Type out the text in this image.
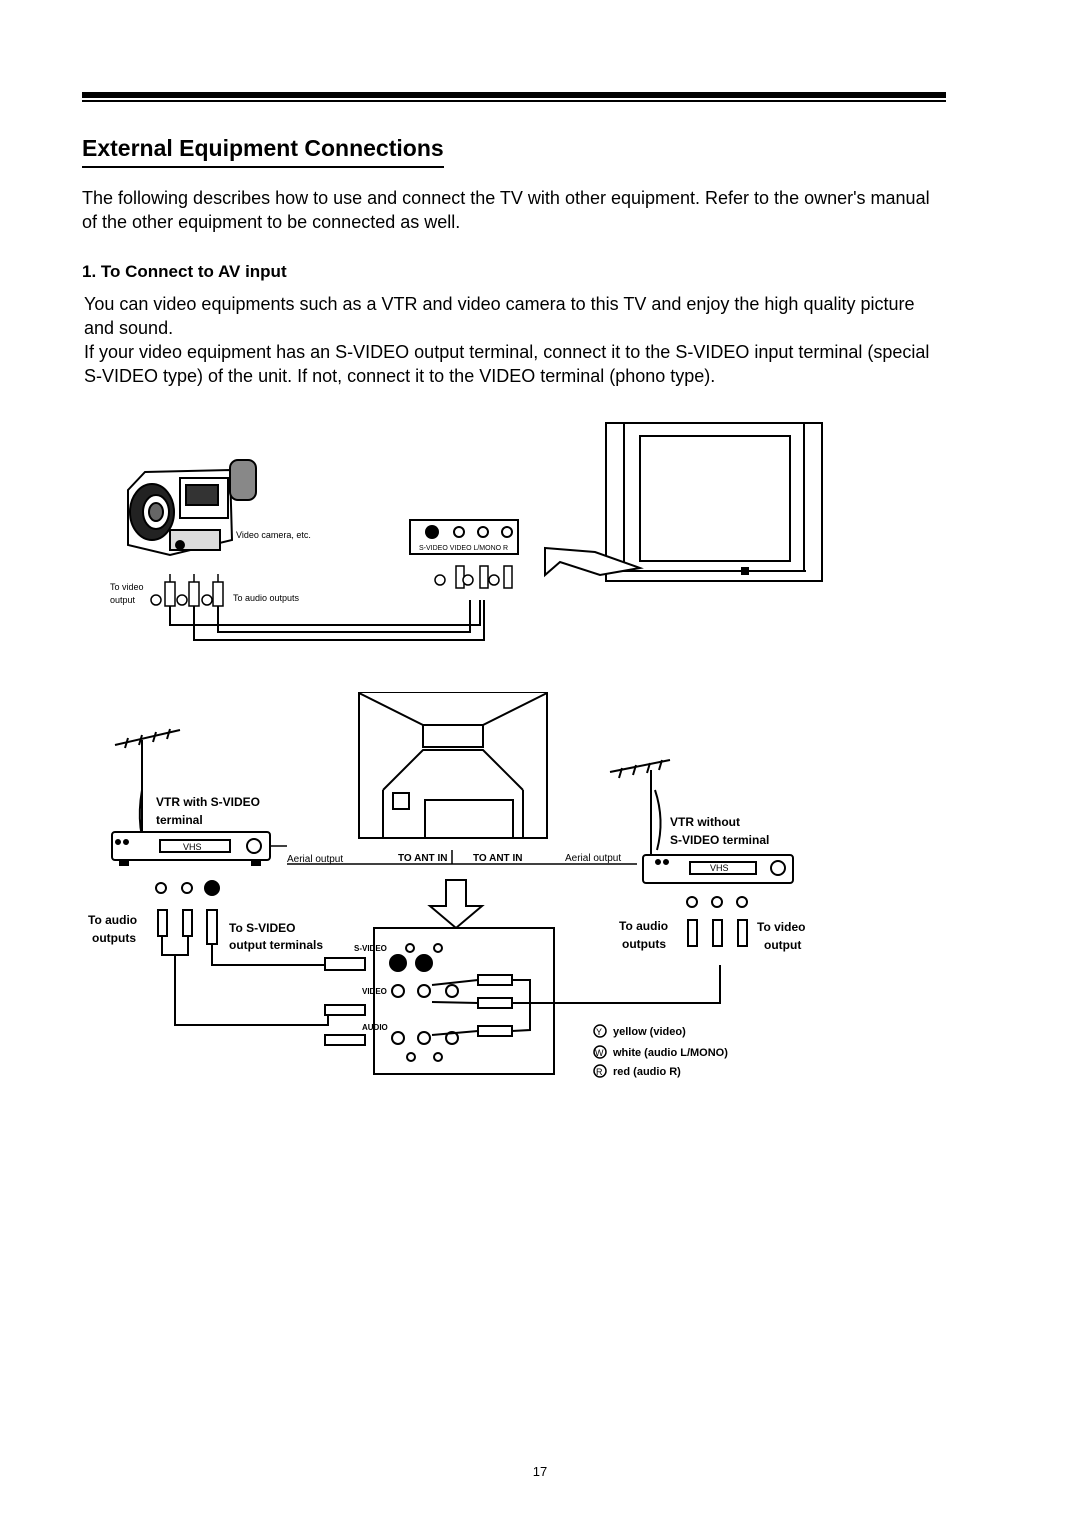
External Equipment Connections

The following describes how to use and connect the TV with other equipment. Refer to the owner's manual of the other equipment to be connected as well.

1. To Connect to AV input

You can video equipments such as a VTR and video camera to this TV and enjoy the high quality picture and sound.

If your video equipment has an S-VIDEO output terminal, connect it to the S-VIDEO input terminal (special S-VIDEO type) of the unit. If not, connect it to the VIDEO terminal (phono type).

Video camera, etc.
To video
output	To audio outputs
S-VIDEO VIDEO L/MONO R
VHS
VTR with S-VIDEO
terminal
VHS
VTR without
S-VIDEO terminal
Aerial output	TO ANT IN	TO ANT IN	Aerial output
S-VIDEO
VIDEO
AUDIO
To audio
outputs
To S-VIDEO
output terminals
To audio
outputs
To video
output
Y yellow (video)
W white (audio L/MONO)
R red (audio R)
17
